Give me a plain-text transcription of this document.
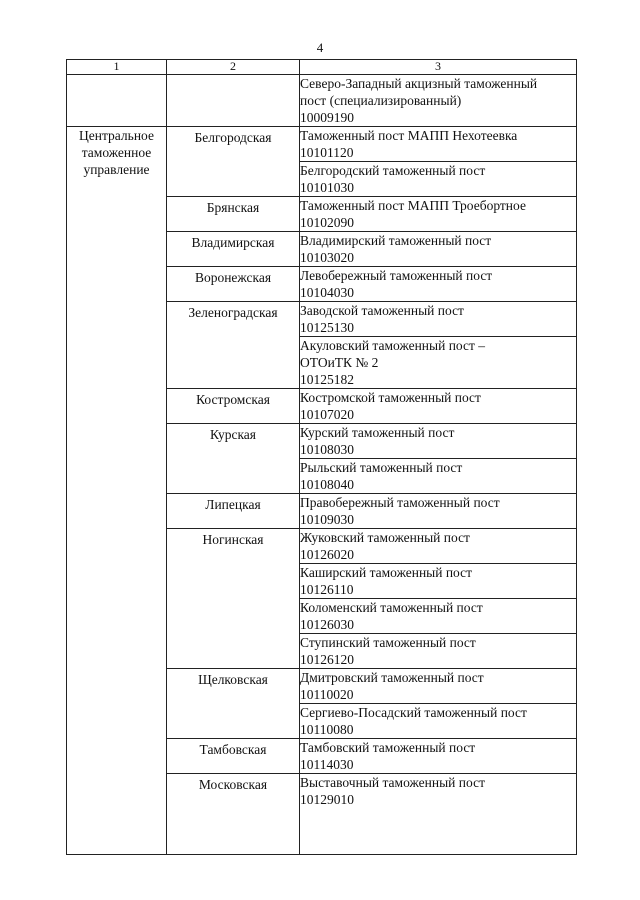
4
1	2	3

		Северо-Западный акцизный таможенный
пост (специализированный)
10009190

Центральное
таможенное
управление	Белгородская	Таможенный пост МАПП Нехотеевка
10101120

		Белгородский таможенный пост
10101030

	Брянская	Таможенный пост МАПП Троебортное
10102090

	Владимирская	Владимирский таможенный пост
10103020

	Воронежская	Левобережный таможенный пост
10104030

	Зеленоградская	Заводской таможенный пост
10125130

		Акуловский таможенный пост –
ОТОиТК № 2
10125182

	Костромская	Костромской таможенный пост
10107020

	Курская	Курский таможенный пост
10108030

		Рыльский таможенный пост
10108040

	Липецкая	Правобережный таможенный пост
10109030

	Ногинская	Жуковский таможенный пост
10126020

		Каширский таможенный пост
10126110

		Коломенский таможенный пост
10126030

		Ступинский таможенный пост
10126120

	Щелковская	Дмитровский таможенный пост
10110020

		Сергиево-Посадский таможенный пост
10110080

	Тамбовская	Тамбовский таможенный пост
10114030

	Московская	Выставочный таможенный пост
10129010
